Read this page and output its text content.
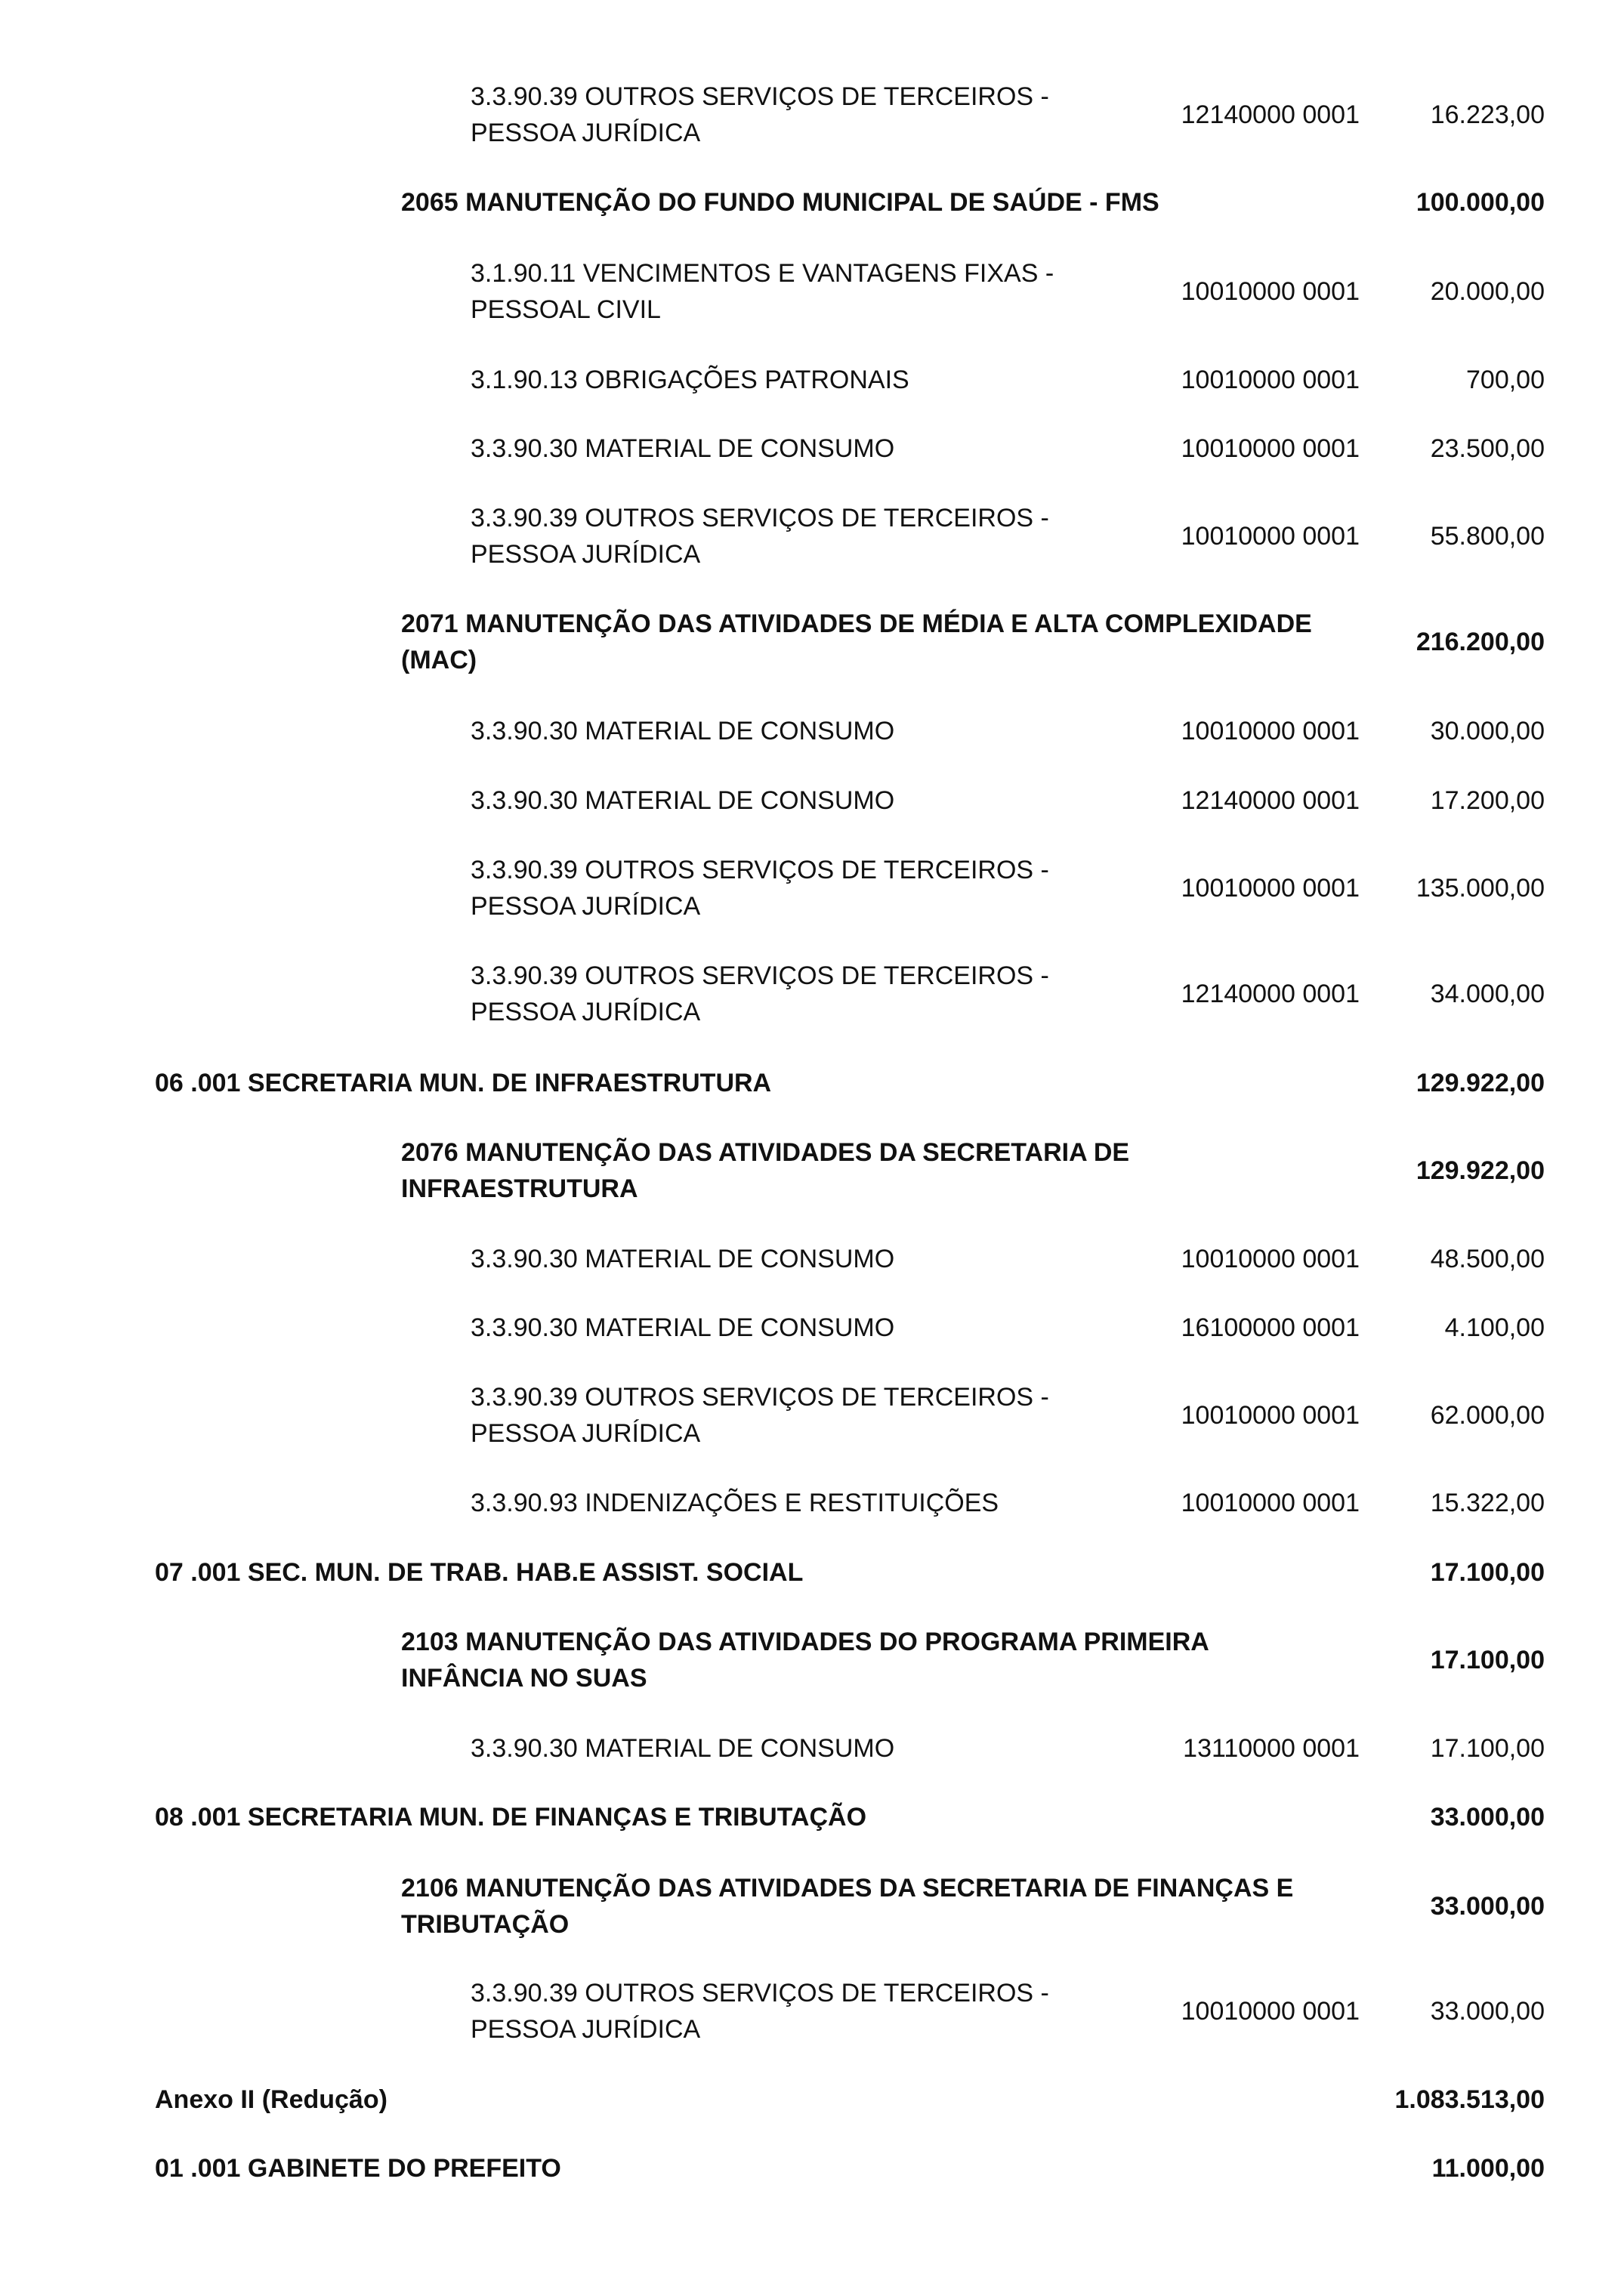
3.3.90.39 OUTROS SERVIÇOS DE TERCEIROS -
PESSOA JURÍDICA
12140000 0001	16.223,00
2065 MANUTENÇÃO DO FUNDO MUNICIPAL DE SAÚDE - FMS	100.000,00
3.1.90.11 VENCIMENTOS E VANTAGENS FIXAS -
PESSOAL CIVIL
10010000 0001	20.000,00
3.1.90.13 OBRIGAÇÕES PATRONAIS	10010000 0001	700,00
3.3.90.30 MATERIAL DE CONSUMO	10010000 0001	23.500,00
3.3.90.39 OUTROS SERVIÇOS DE TERCEIROS -
PESSOA JURÍDICA
10010000 0001	55.800,00
2071 MANUTENÇÃO DAS ATIVIDADES DE MÉDIA E ALTA COMPLEXIDADE
(MAC)
216.200,00
3.3.90.30 MATERIAL DE CONSUMO	10010000 0001	30.000,00
3.3.90.30 MATERIAL DE CONSUMO	12140000 0001	17.200,00
3.3.90.39 OUTROS SERVIÇOS DE TERCEIROS -
PESSOA JURÍDICA
10010000 0001	135.000,00
3.3.90.39 OUTROS SERVIÇOS DE TERCEIROS -
PESSOA JURÍDICA
12140000 0001	34.000,00
06 .001 SECRETARIA MUN. DE INFRAESTRUTURA	129.922,00
2076 MANUTENÇÃO DAS ATIVIDADES DA SECRETARIA DE
INFRAESTRUTURA
129.922,00
3.3.90.30 MATERIAL DE CONSUMO	10010000 0001	48.500,00
3.3.90.30 MATERIAL DE CONSUMO	16100000 0001	4.100,00
3.3.90.39 OUTROS SERVIÇOS DE TERCEIROS -
PESSOA JURÍDICA
10010000 0001	62.000,00
3.3.90.93 INDENIZAÇÕES E RESTITUIÇÕES	10010000 0001	15.322,00
07 .001 SEC. MUN. DE TRAB. HAB.E ASSIST. SOCIAL	17.100,00
2103 MANUTENÇÃO DAS ATIVIDADES DO PROGRAMA PRIMEIRA
INFÂNCIA NO SUAS
17.100,00
3.3.90.30 MATERIAL DE CONSUMO	13110000 0001	17.100,00
08 .001 SECRETARIA MUN. DE FINANÇAS E TRIBUTAÇÃO	33.000,00
2106 MANUTENÇÃO DAS ATIVIDADES DA SECRETARIA DE FINANÇAS E
TRIBUTAÇÃO
33.000,00
3.3.90.39 OUTROS SERVIÇOS DE TERCEIROS -
PESSOA JURÍDICA
10010000 0001	33.000,00
Anexo II (Redução)	1.083.513,00
01 .001 GABINETE DO PREFEITO	11.000,00
